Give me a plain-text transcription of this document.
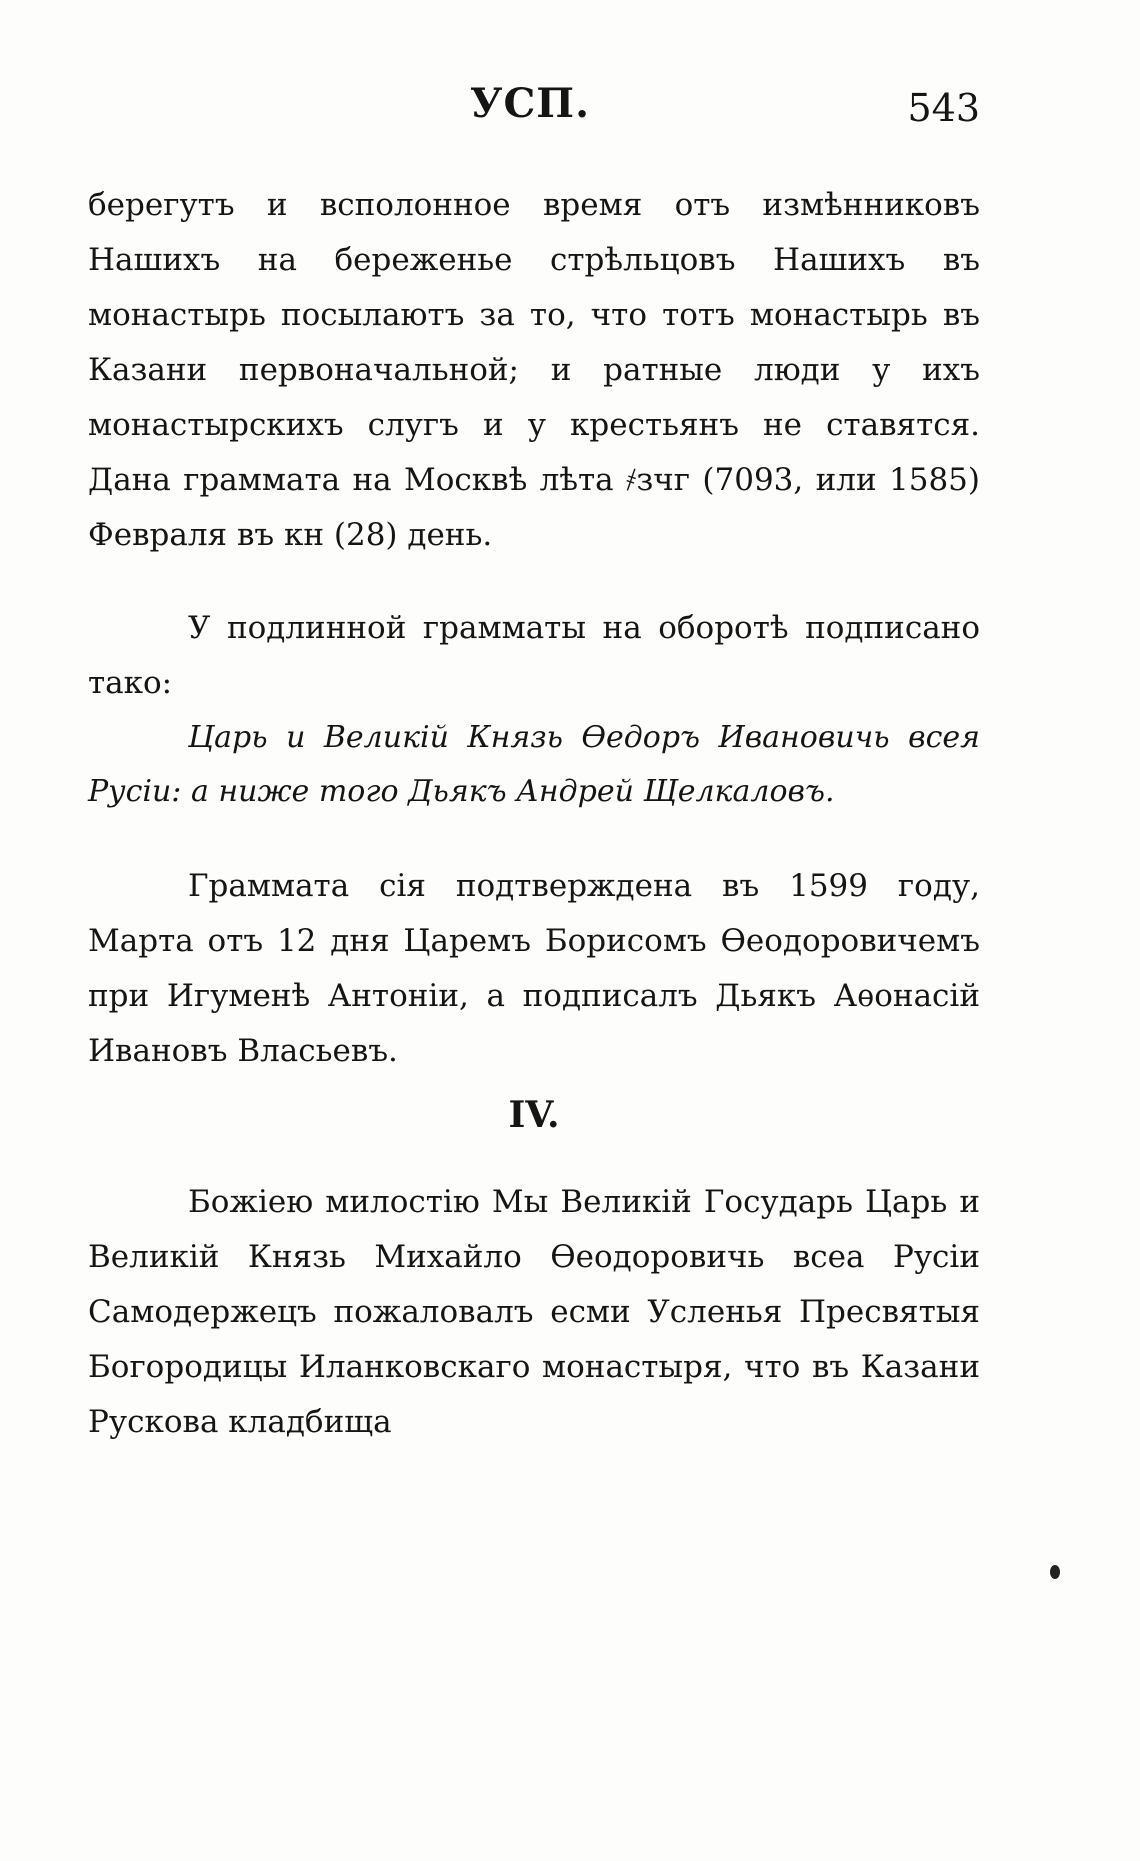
УСП.	543

берегутъ и всполонное время отъ измѣнниковъ Нашихъ на береженье стрѣльцовъ Нашихъ въ монастырь посылаютъ за то, что тотъ монастырь въ Казани первоначальной; и ратные люди у ихъ монастырскихъ слугъ и у крестьянъ не ставятся. Дана граммата на Москвѣ лѣта ҂зчг (7093, или 1585) Февраля въ кн (28) день.

У подлинной грамматы на оборотѣ подписано тако:

Царь и Великій Князь Ѳедоръ Ивановичь всея Русіи: а ниже того Дьякъ Андрей Щелкаловъ.

Граммата сія подтверждена въ 1599 году, Марта отъ 12 дня Царемъ Борисомъ Ѳеодоровичемъ при Игуменѣ Антоніи, а подписалъ Дьякъ Аѳонасій Ивановъ Власьевъ.

IV.

Божіею милостію Мы Великій Государь Царь и Великій Князь Михайло Ѳеодоровичь всеа Русіи Самодержецъ пожаловалъ есми Усленья Пресвятыя Богородицы Иланковскаго монастыря, что въ Казани Рускова кладбища
